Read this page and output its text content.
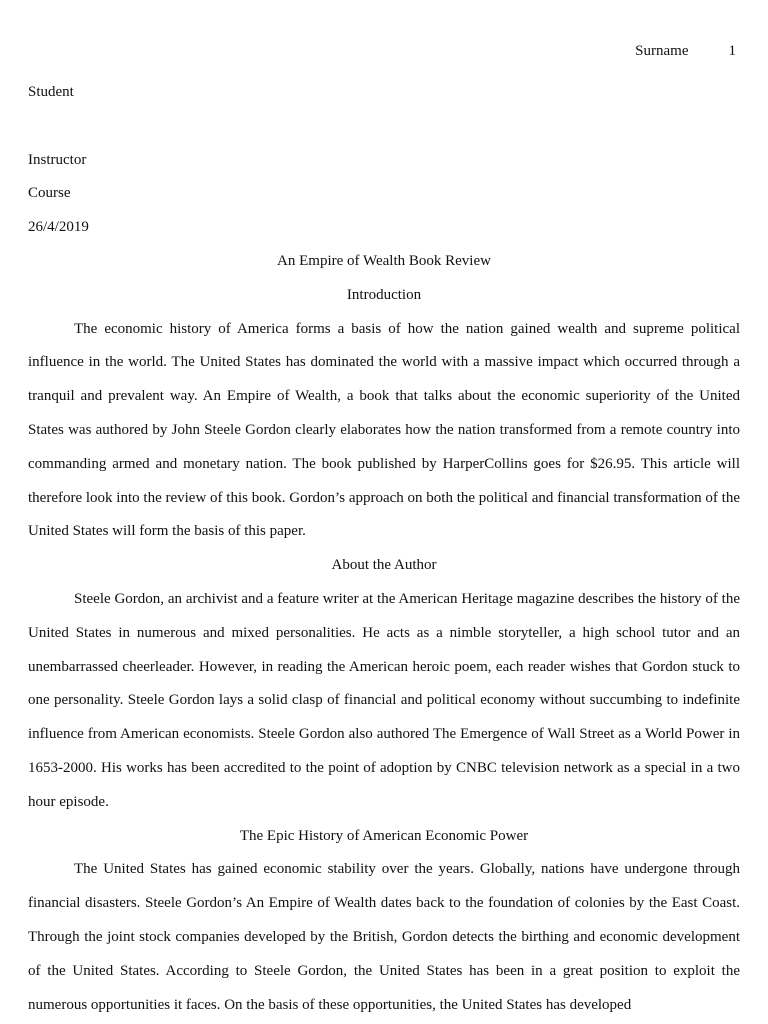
Surname	1
Student
Instructor
Course
26/4/2019
An Empire of Wealth Book Review
Introduction

The economic history of America forms a basis of how the nation gained wealth and supreme political influence in the world. The United States has dominated the world with a massive impact which occurred through a tranquil and prevalent way. An Empire of Wealth, a book that talks about the economic superiority of the United States was authored by John Steele Gordon clearly elaborates how the nation transformed from a remote country into commanding armed and monetary nation. The book published by HarperCollins goes for $26.95. This article will therefore look into the review of this book. Gordon’s approach on both the political and financial transformation of the United States will form the basis of this paper.

About the Author

Steele Gordon, an archivist and a feature writer at the American Heritage magazine describes the history of the United States in numerous and mixed personalities. He acts as a nimble storyteller, a high school tutor and an unembarrassed cheerleader. However, in reading the American heroic poem, each reader wishes that Gordon stuck to one personality. Steele Gordon lays a solid clasp of financial and political economy without succumbing to indefinite influence from American economists. Steele Gordon also authored The Emergence of Wall Street as a World Power in 1653-2000. His works has been accredited to the point of adoption by CNBC television network as a special in a two hour episode.

The Epic History of American Economic Power

The United States has gained economic stability over the years. Globally, nations have undergone through financial disasters. Steele Gordon’s An Empire of Wealth dates back to the foundation of colonies by the East Coast. Through the joint stock companies developed by the British, Gordon detects the birthing and economic development of the United States. According to Steele Gordon, the United States has been in a great position to exploit the numerous opportunities it faces. On the basis of these opportunities, the United States has developed
